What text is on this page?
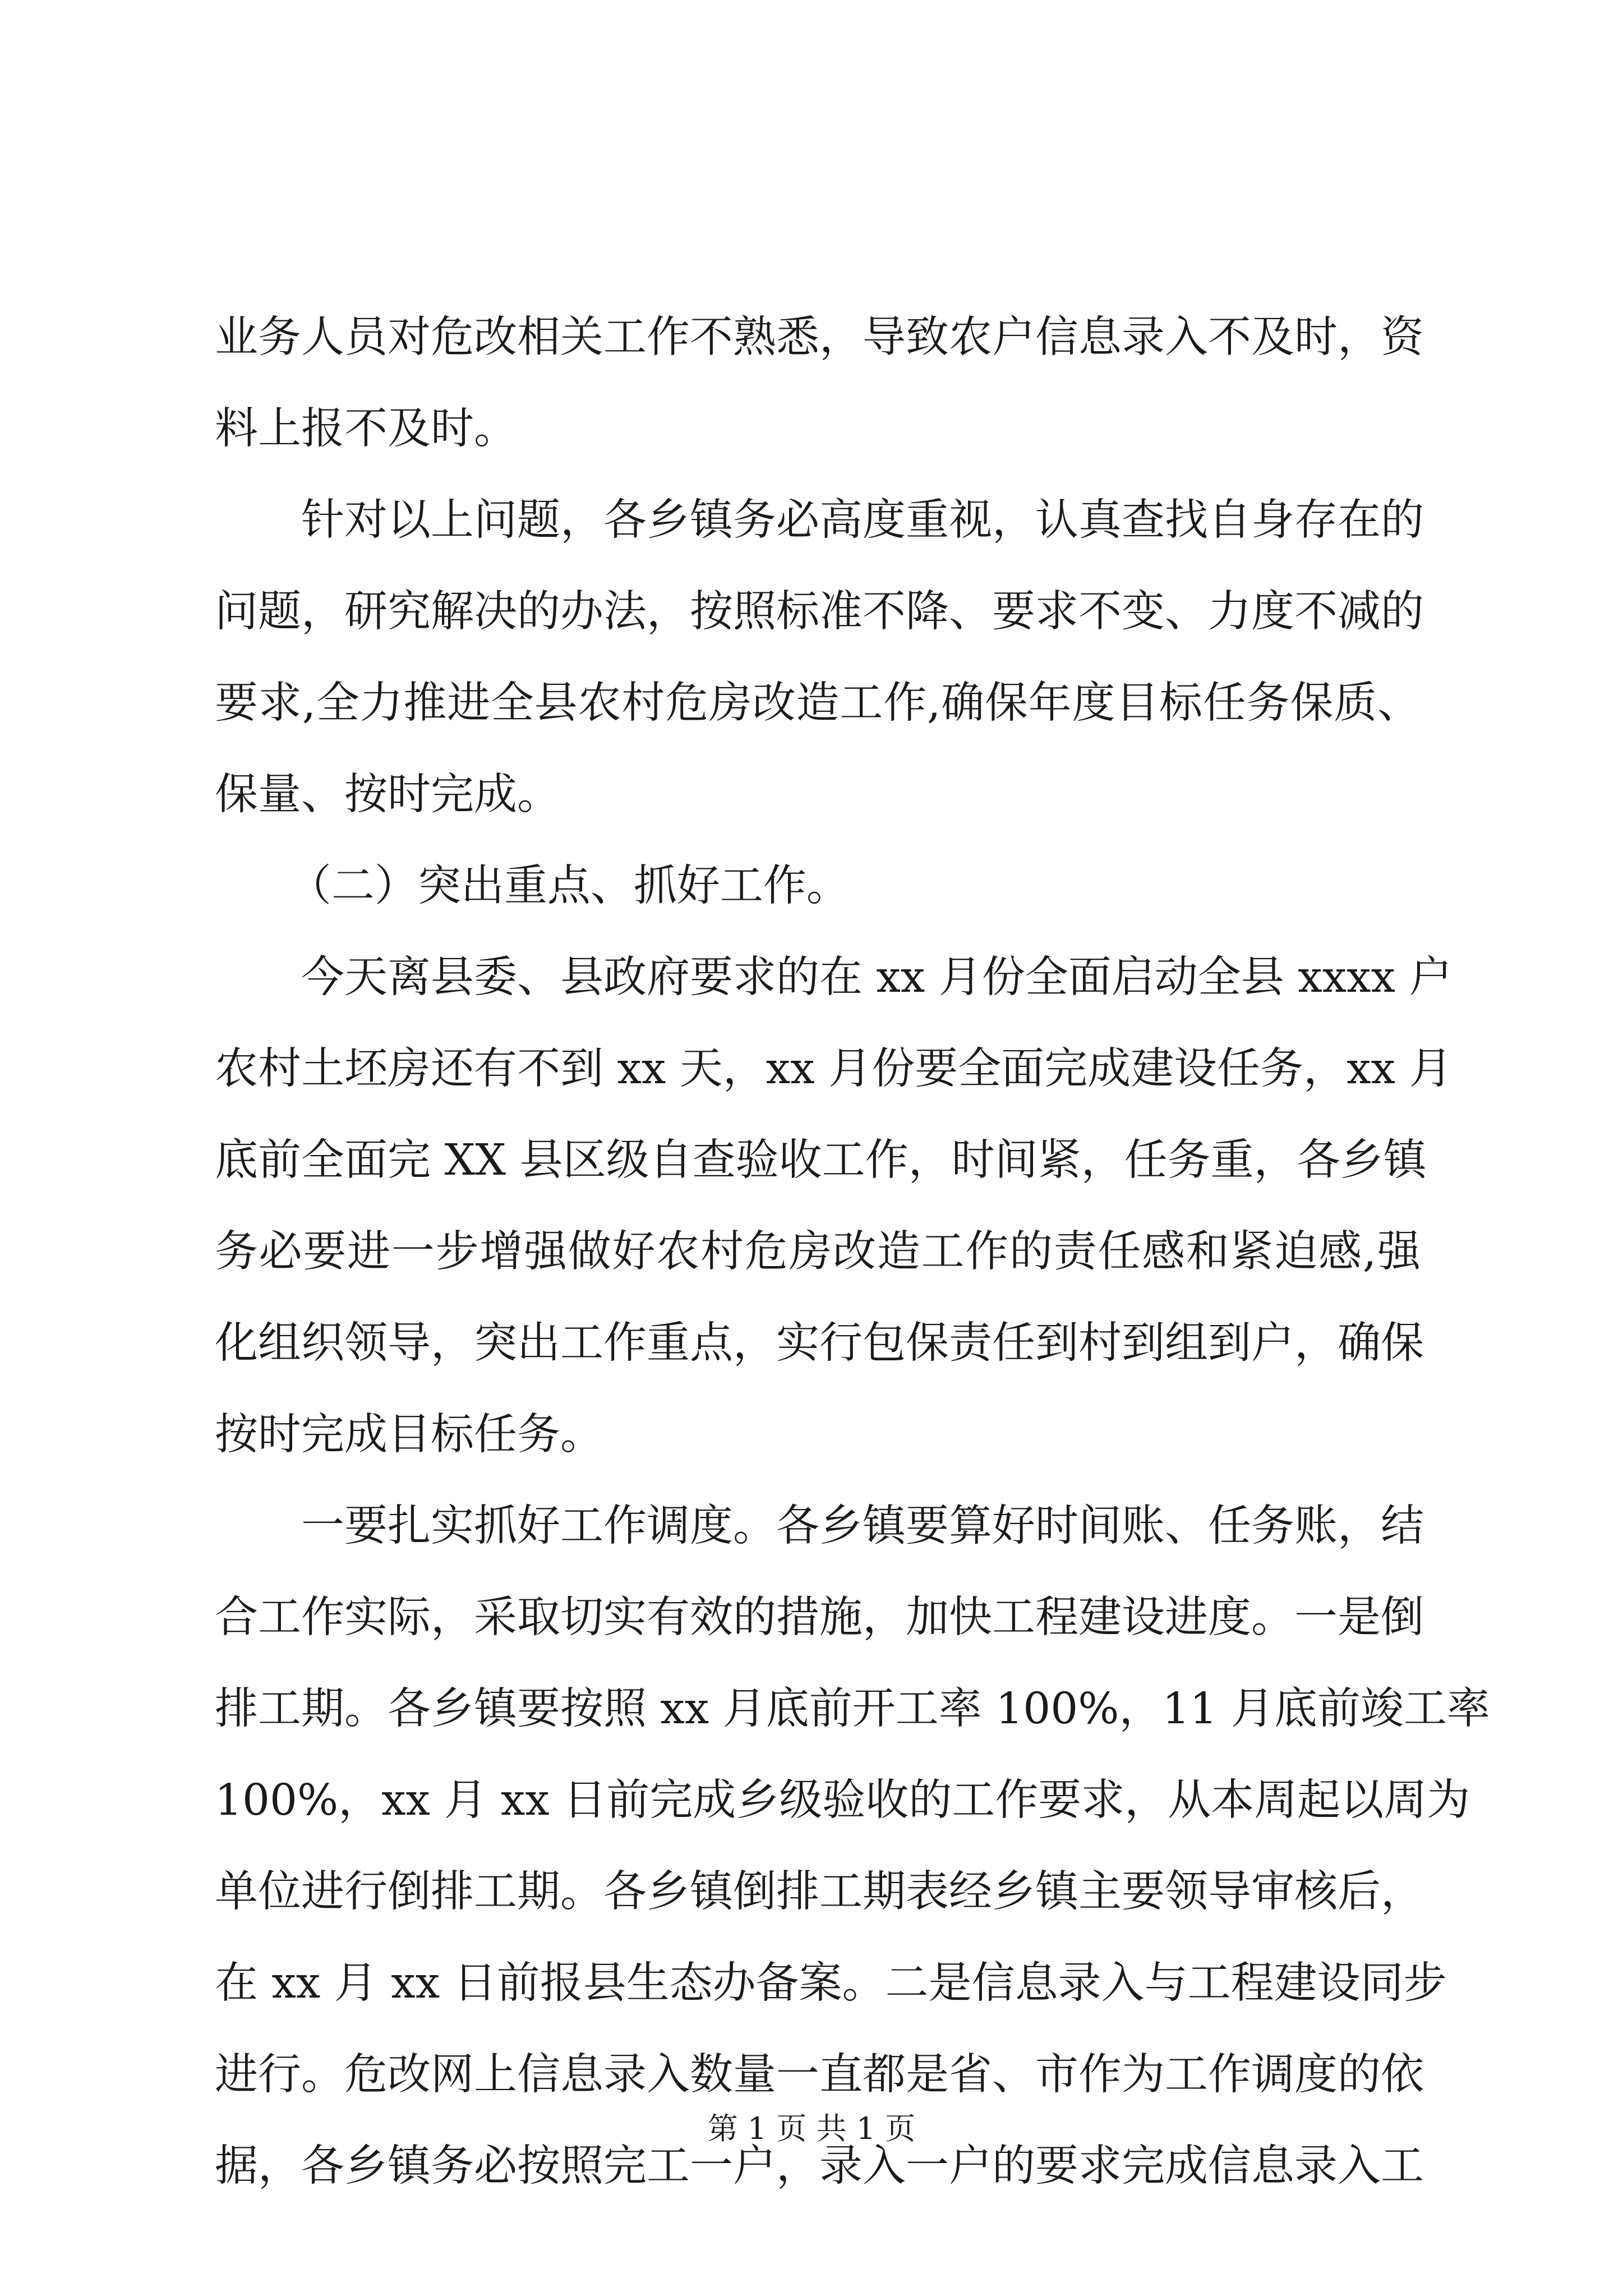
业务人员对危改相关工作不熟悉，导致农户信息录入不及时，资
料上报不及时。
针对以上问题，各乡镇务必高度重视，认真查找自身存在的
问题，研究解决的办法，按照标准不降、要求不变、力度不减的
要求,全力推进全县农村危房改造工作,确保年度目标任务保质、
保量、按时完成。
（二）突出重点、抓好工作。
今天离县委、县政府要求的在 xx 月份全面启动全县 xxxx 户
农村土坯房还有不到 xx 天，xx 月份要全面完成建设任务，xx 月
底前全面完 XX 县区级自查验收工作，时间紧，任务重，各乡镇
务必要进一步增强做好农村危房改造工作的责任感和紧迫感,强
化组织领导，突出工作重点，实行包保责任到村到组到户，确保
按时完成目标任务。
一要扎实抓好工作调度。各乡镇要算好时间账、任务账，结
合工作实际，采取切实有效的措施，加快工程建设进度。一是倒
排工期。各乡镇要按照 xx 月底前开工率 100%，11 月底前竣工率
100%，xx 月 xx 日前完成乡级验收的工作要求，从本周起以周为
单位进行倒排工期。各乡镇倒排工期表经乡镇主要领导审核后，
在 xx 月 xx 日前报县生态办备案。二是信息录入与工程建设同步
进行。危改网上信息录入数量一直都是省、市作为工作调度的依
据，各乡镇务必按照完工一户，录入一户的要求完成信息录入工
第 1 页 共 1 页
